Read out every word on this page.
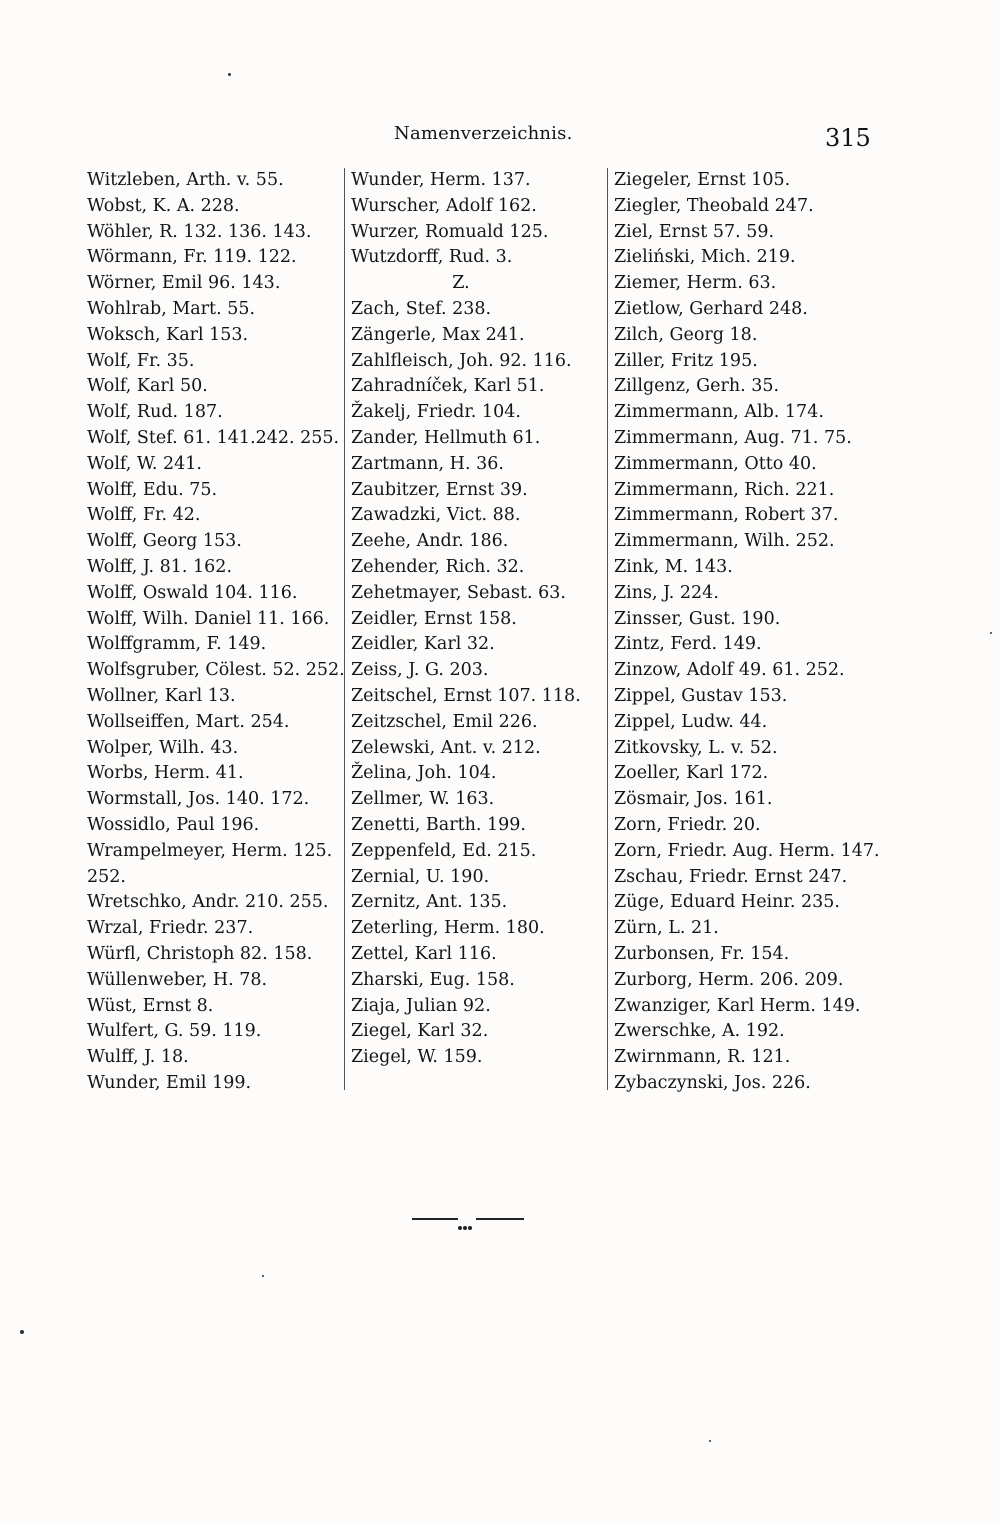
Namenverzeichnis.	315
Witzleben, Arth. v. 55.
Wobst, K. A. 228.
Wöhler, R. 132. 136. 143.
Wörmann, Fr. 119. 122.
Wörner, Emil 96. 143.
Wohlrab, Mart. 55.
Woksch, Karl 153.
Wolf, Fr. 35.
Wolf, Karl 50.
Wolf, Rud. 187.
Wolf, Stef. 61. 141.242. 255.
Wolf, W. 241.
Wolff, Edu. 75.
Wolff, Fr. 42.
Wolff, Georg 153.
Wolff, J. 81. 162.
Wolff, Oswald 104. 116.
Wolff, Wilh. Daniel 11. 166.
Wolffgramm, F. 149.
Wolfsgruber, Cölest. 52. 252.
Wollner, Karl 13.
Wollseiffen, Mart. 254.
Wolper, Wilh. 43.
Worbs, Herm. 41.
Wormstall, Jos. 140. 172.
Wossidlo, Paul 196.
Wrampelmeyer, Herm. 125.
252.
Wretschko, Andr. 210. 255.
Wrzal, Friedr. 237.
Würfl, Christoph 82. 158.
Wüllenweber, H. 78.
Wüst, Ernst 8.
Wulfert, G. 59. 119.
Wulff, J. 18.
Wunder, Emil 199.
Wunder, Herm. 137.
Wurscher, Adolf 162.
Wurzer, Romuald 125.
Wutzdorff, Rud. 3.
Z.
Zach, Stef. 238.
Zängerle, Max 241.
Zahlfleisch, Joh. 92. 116.
Zahradníček, Karl 51.
Žakelj, Friedr. 104.
Zander, Hellmuth 61.
Zartmann, H. 36.
Zaubitzer, Ernst 39.
Zawadzki, Vict. 88.
Zeehe, Andr. 186.
Zehender, Rich. 32.
Zehetmayer, Sebast. 63.
Zeidler, Ernst 158.
Zeidler, Karl 32.
Zeiss, J. G. 203.
Zeitschel, Ernst 107. 118.
Zeitzschel, Emil 226.
Zelewski, Ant. v. 212.
Želina, Joh. 104.
Zellmer, W. 163.
Zenetti, Barth. 199.
Zeppenfeld, Ed. 215.
Zernial, U. 190.
Zernitz, Ant. 135.
Zeterling, Herm. 180.
Zettel, Karl 116.
Zharski, Eug. 158.
Ziaja, Julian 92.
Ziegel, Karl 32.
Ziegel, W. 159.
Ziegeler, Ernst 105.
Ziegler, Theobald 247.
Ziel, Ernst 57. 59.
Zieliński, Mich. 219.
Ziemer, Herm. 63.
Zietlow, Gerhard 248.
Zilch, Georg 18.
Ziller, Fritz 195.
Zillgenz, Gerh. 35.
Zimmermann, Alb. 174.
Zimmermann, Aug. 71. 75.
Zimmermann, Otto 40.
Zimmermann, Rich. 221.
Zimmermann, Robert 37.
Zimmermann, Wilh. 252.
Zink, M. 143.
Zins, J. 224.
Zinsser, Gust. 190.
Zintz, Ferd. 149.
Zinzow, Adolf 49. 61. 252.
Zippel, Gustav 153.
Zippel, Ludw. 44.
Zitkovsky, L. v. 52.
Zoeller, Karl 172.
Zösmair, Jos. 161.
Zorn, Friedr. 20.
Zorn, Friedr. Aug. Herm. 147.
Zschau, Friedr. Ernst 247.
Züge, Eduard Heinr. 235.
Zürn, L. 21.
Zurbonsen, Fr. 154.
Zurborg, Herm. 206. 209.
Zwanziger, Karl Herm. 149.
Zwerschke, A. 192.
Zwirnmann, R. 121.
Zybaczynski, Jos. 226.
